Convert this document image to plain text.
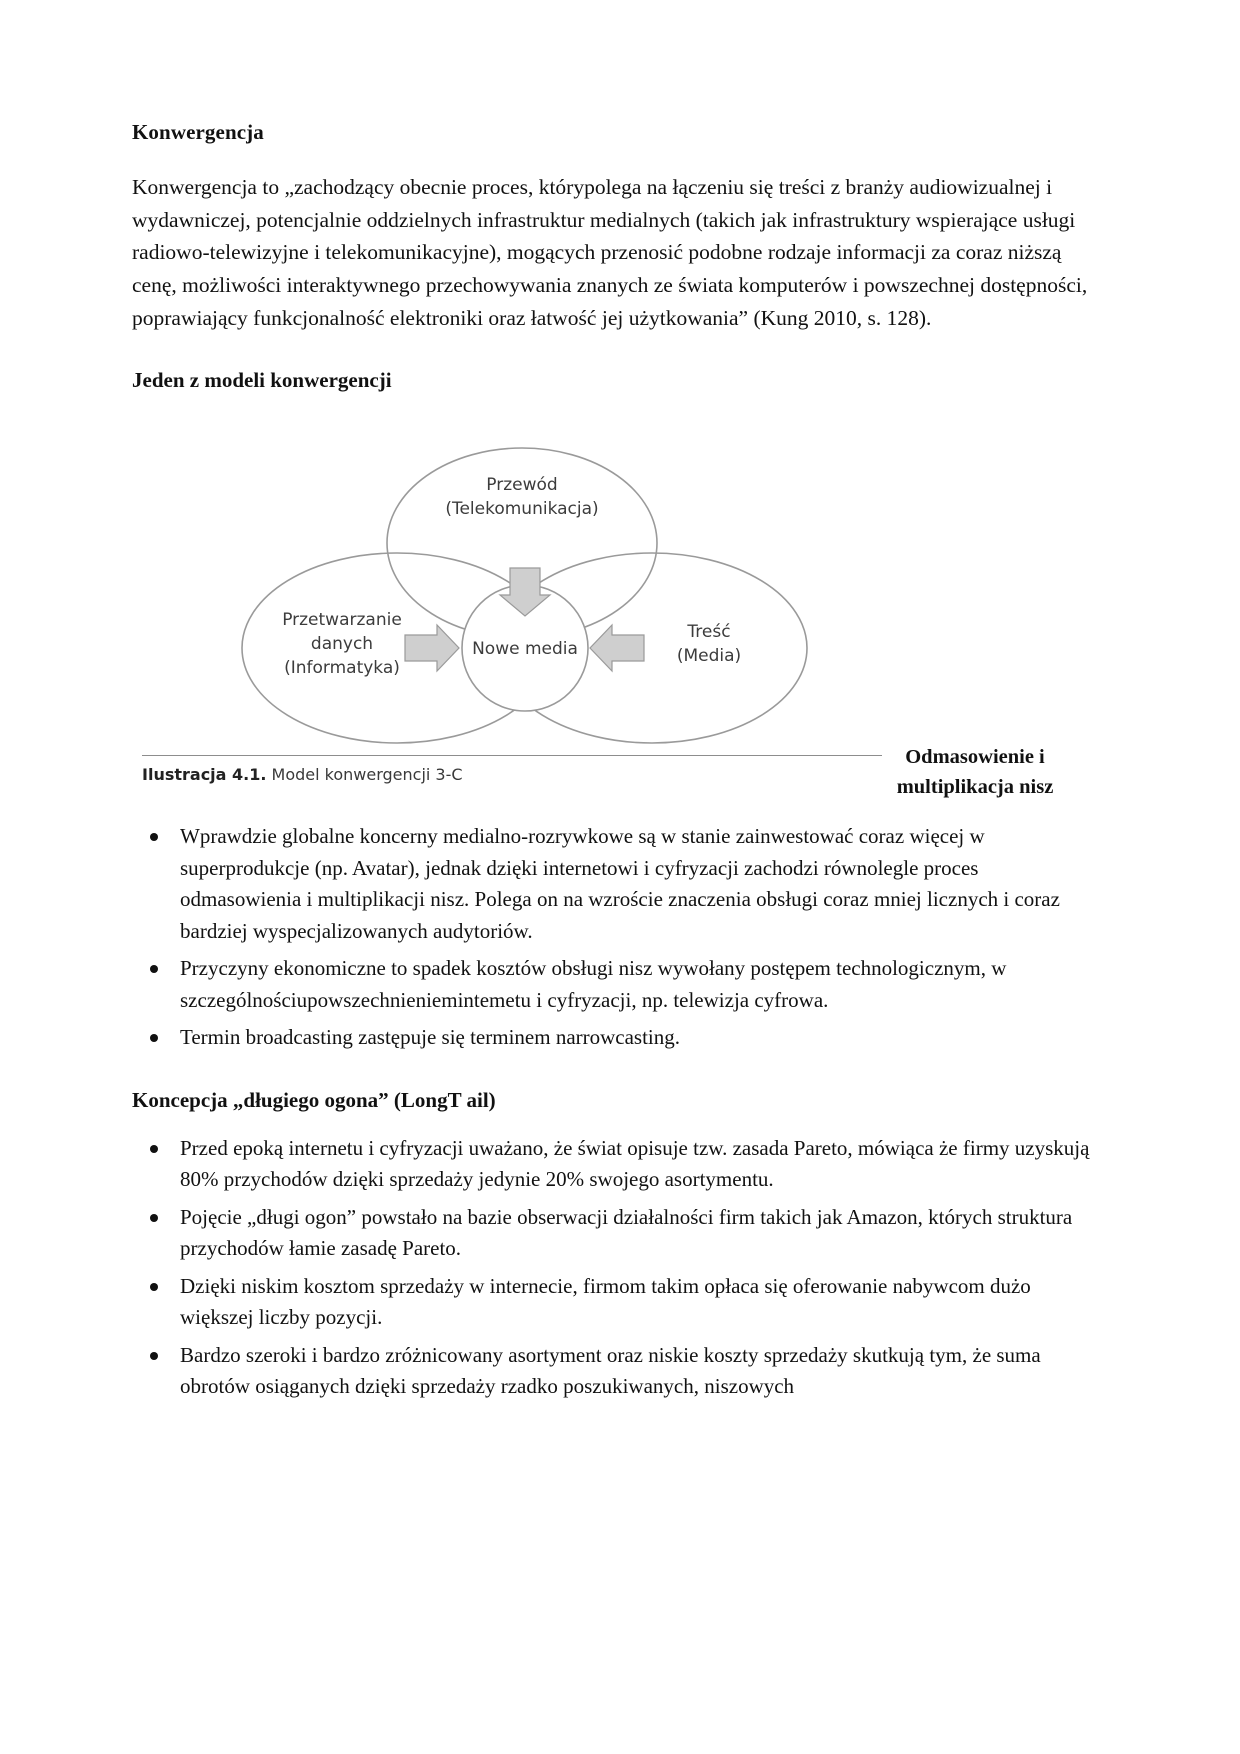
Konwergencja

Konwergencja to „zachodzący obecnie proces, którypolega na łączeniu się treści z branży audiowizualnej i wydawniczej, potencjalnie oddzielnych infrastruktur medialnych (takich jak infrastruktury wspierające usługi radiowo-telewizyjne i telekomunikacyjne), mogących przenosić podobne rodzaje informacji za coraz niższą cenę, możliwości interaktywnego przechowywania znanych ze świata komputerów i powszechnej dostępności, poprawiający funkcjonalność elektroniki oraz łatwość jej użytkowania” (Kung 2010, s. 128).

Jeden z modeli konwergencji
Przewód
(Telekomunikacja)
Przetwarzanie
danych
(Informatyka)
Nowe media
Treść
(Media)
Ilustracja 4.1. Model konwergencji 3-C
Odmasowienie i multiplikacja nisz
Wprawdzie globalne koncerny medialno-rozrywkowe są w stanie zainwestować coraz więcej w superprodukcje (np. Avatar), jednak dzięki internetowi i cyfryzacji zachodzi równolegle proces odmasowienia i multiplikacji nisz. Polega on na wzroście znaczenia obsługi coraz mniej licznych i coraz bardziej wyspecjalizowanych audytoriów.
Przyczyny ekonomiczne to spadek kosztów obsługi nisz wywołany postępem technologicznym, w szczególnościupowszechnieniemintemetu i cyfryzacji, np. telewizja cyfrowa.
Termin broadcasting zastępuje się terminem narrowcasting.
Koncepcja „długiego ogona” (LongT ail)
Przed epoką internetu i cyfryzacji uważano, że świat opisuje tzw. zasada Pareto, mówiąca że firmy uzyskują 80% przychodów dzięki sprzedaży jedynie 20% swojego asortymentu.
Pojęcie „długi ogon” powstało na bazie obserwacji działalności firm takich jak Amazon, których struktura przychodów łamie zasadę Pareto.
Dzięki niskim kosztom sprzedaży w internecie, firmom takim opłaca się oferowanie nabywcom dużo większej liczby pozycji.
Bardzo szeroki i bardzo zróżnicowany asortyment oraz niskie koszty sprzedaży skutkują tym, że suma obrotów osiąganych dzięki sprzedaży rzadko poszukiwanych, niszowych
